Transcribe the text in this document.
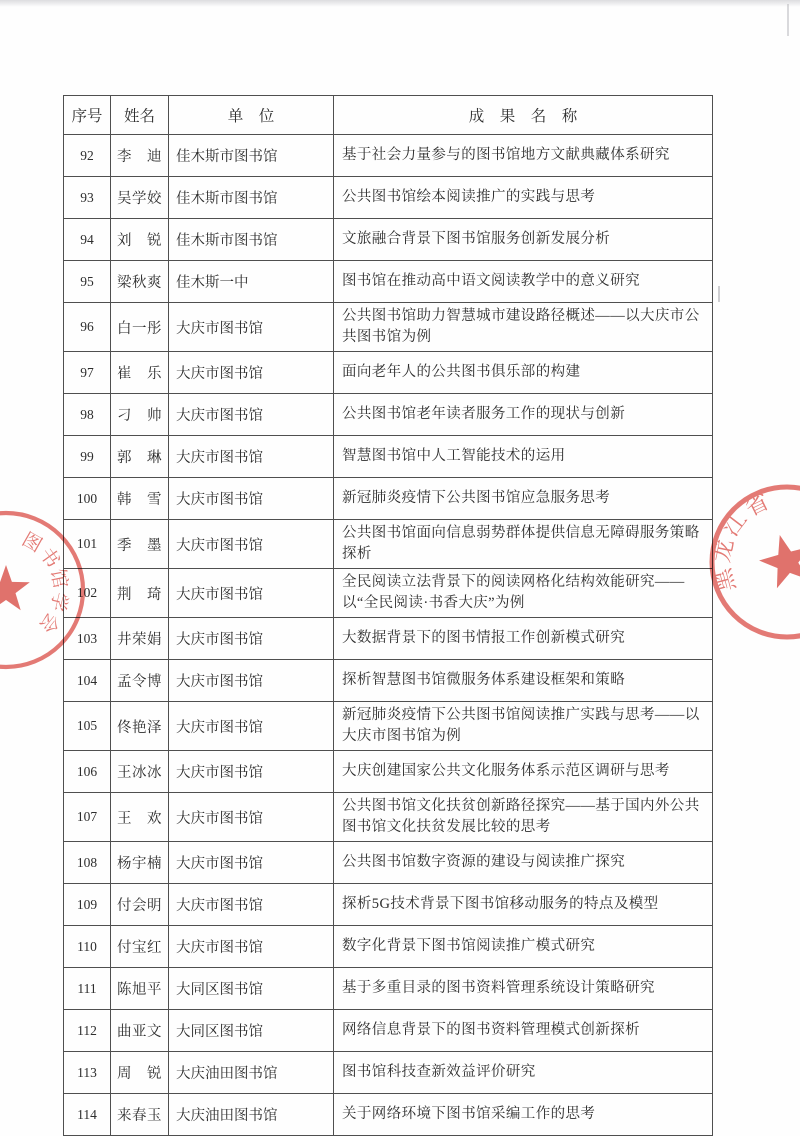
序号	姓名	单　位	成　果　名　称
92	李　迪	佳木斯市图书馆	基于社会力量参与的图书馆地方文献典藏体系研究
93	吴学姣	佳木斯市图书馆	公共图书馆绘本阅读推广的实践与思考
94	刘　锐	佳木斯市图书馆	文旅融合背景下图书馆服务创新发展分析
95	梁秋爽	佳木斯一中	图书馆在推动高中语文阅读教学中的意义研究
96	白一彤	大庆市图书馆	公共图书馆助力智慧城市建设路径概述——以大庆市公共图书馆为例
97	崔　乐	大庆市图书馆	面向老年人的公共图书俱乐部的构建
98	刁　帅	大庆市图书馆	公共图书馆老年读者服务工作的现状与创新
99	郭　琳	大庆市图书馆	智慧图书馆中人工智能技术的运用
100	韩　雪	大庆市图书馆	新冠肺炎疫情下公共图书馆应急服务思考
101	季　墨	大庆市图书馆	公共图书馆面向信息弱势群体提供信息无障碍服务策略探析
102	荆　琦	大庆市图书馆	全民阅读立法背景下的阅读网格化结构效能研究——以“全民阅读·书香大庆”为例
103	井荣娟	大庆市图书馆	大数据背景下的图书情报工作创新模式研究
104	孟令博	大庆市图书馆	探析智慧图书馆微服务体系建设框架和策略
105	佟艳泽	大庆市图书馆	新冠肺炎疫情下公共图书馆阅读推广实践与思考——以大庆市图书馆为例
106	王冰冰	大庆市图书馆	大庆创建国家公共文化服务体系示范区调研与思考
107	王　欢	大庆市图书馆	公共图书馆文化扶贫创新路径探究——基于国内外公共图书馆文化扶贫发展比较的思考
108	杨宇楠	大庆市图书馆	公共图书馆数字资源的建设与阅读推广探究
109	付会明	大庆市图书馆	探析5G技术背景下图书馆移动服务的特点及模型
110	付宝红	大庆市图书馆	数字化背景下图书馆阅读推广模式研究
111	陈旭平	大同区图书馆	基于多重目录的图书资料管理系统设计策略研究
112	曲亚文	大同区图书馆	网络信息背景下的图书资料管理模式创新探析
113	周　锐	大庆油田图书馆	图书馆科技查新效益评价研究
114	来春玉	大庆油田图书馆	关于网络环境下图书馆采编工作的思考
图书馆学会
黑龙江省
